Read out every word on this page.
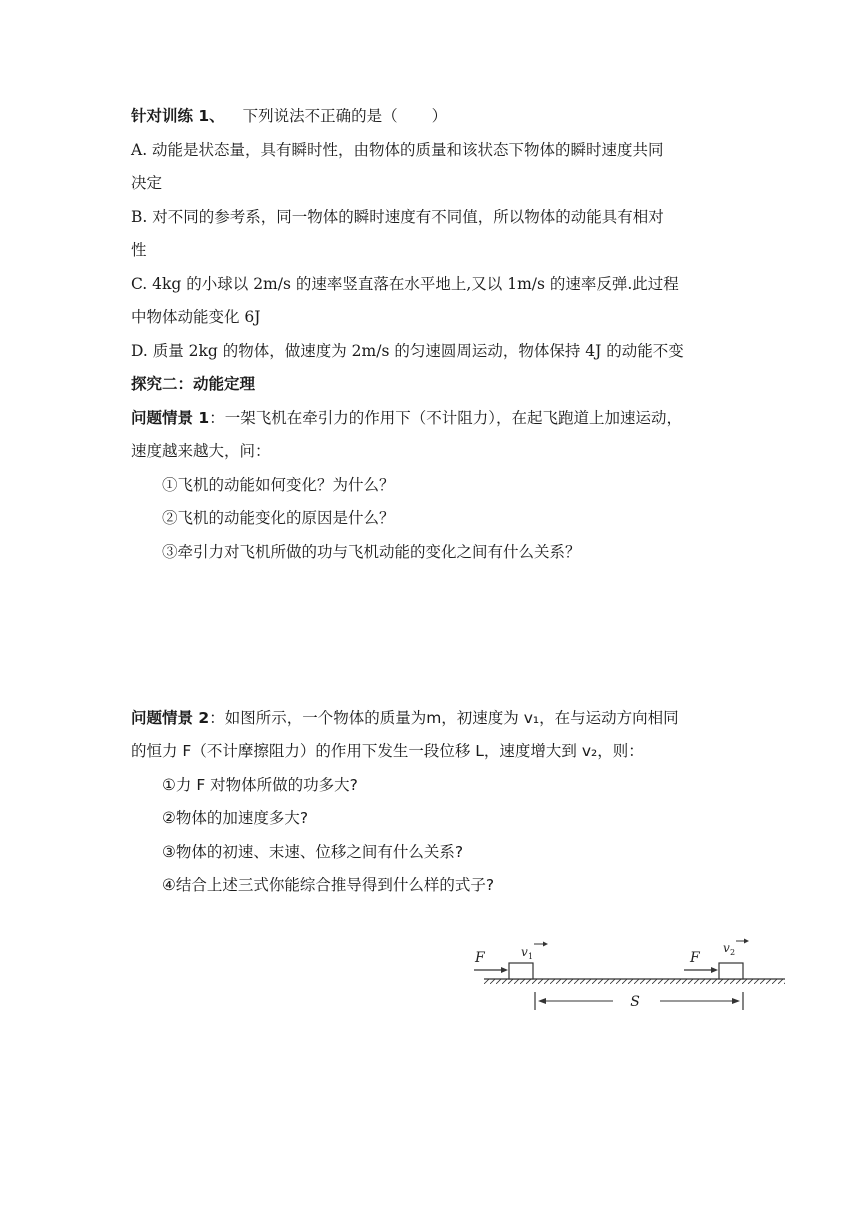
针对训练 1、 下列说法不正确的是（ ）
A. 动能是状态量，具有瞬时性，由物体的质量和该状态下物体的瞬时速度共同
决定
B. 对不同的参考系，同一物体的瞬时速度有不同值，所以物体的动能具有相对
性
C. 4kg 的小球以 2m/s 的速率竖直落在水平地上,又以 1m/s 的速率反弹.此过程
中物体动能变化 6J
D. 质量 2kg 的物体，做速度为 2m/s 的匀速圆周运动，物体保持 4J 的动能不变
探究二：动能定理
问题情景 1：一架飞机在牵引力的作用下（不计阻力），在起飞跑道上加速运动，
速度越来越大，问：
①飞机的动能如何变化？为什么？
②飞机的动能变化的原因是什么？
③牵引力对飞机所做的功与飞机动能的变化之间有什么关系？
问题情景 2：如图所示，一个物体的质量为m，初速度为 v₁，在与运动方向相同
的恒力 F（不计摩擦阻力）的作用下发生一段位移 L，速度增大到 v₂，则：
①力 F 对物体所做的功多大?
②物体的加速度多大?
③物体的初速、末速、位移之间有什么关系?
④结合上述三式你能综合推导得到什么样的式子?
F	F
v 1
v 2
S
